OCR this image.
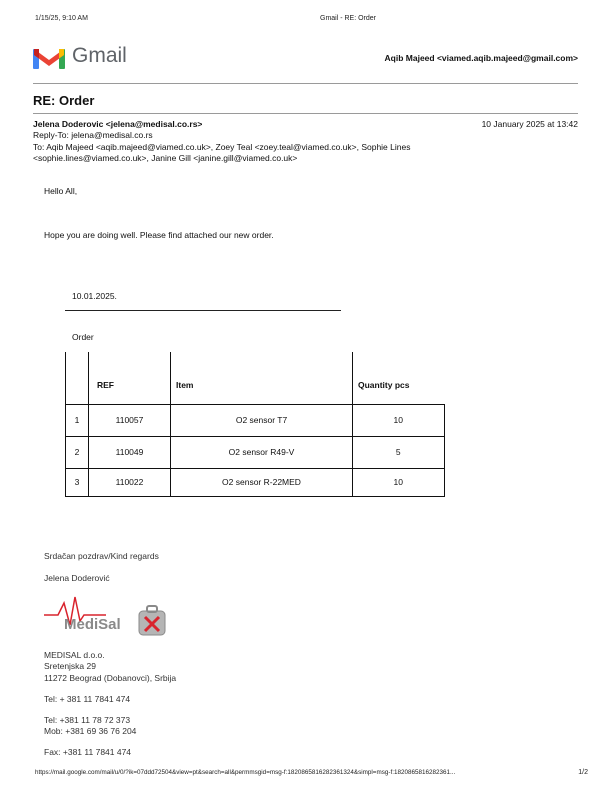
1/15/25, 9:10 AM	Gmail - RE: Order
Gmail	Aqib Majeed <viamed.aqib.majeed@gmail.com>
RE: Order
Jelena Doderovic <jelena@medisal.co.rs>	10 January 2025 at 13:42
Reply-To: jelena@medisal.co.rs
To: Aqib Majeed <aqib.majeed@viamed.co.uk>, Zoey Teal <zoey.teal@viamed.co.uk>, Sophie Lines
<sophie.lines@viamed.co.uk>, Janine Gill <janine.gill@viamed.co.uk>
Hello All,
Hope you are doing well. Please find attached our new order.
10.01.2025.
Order
	REF	Item	Quantity pcs
1	110057	O2 sensor T7	10
2	110049	O2 sensor R49-V	5
3	110022	O2 sensor R-22MED	10
Srdačan pozdrav/Kind regards
Jelena Doderović
MediSal
MEDISAL d.o.o.
Sretenjska 29
11272 Beograd (Dobanovci), Srbija
Tel: + 381 11 7841 474
Tel: +381 11 78 72 373
Mob: +381 69 36 76 204
Fax: +381 11 7841 474
https://mail.google.com/mail/u/0/?ik=07ddd72504&view=pt&search=all&permmsgid=msg-f:1820865816282361324&simpl=msg-f:1820865816282361...	1/2
